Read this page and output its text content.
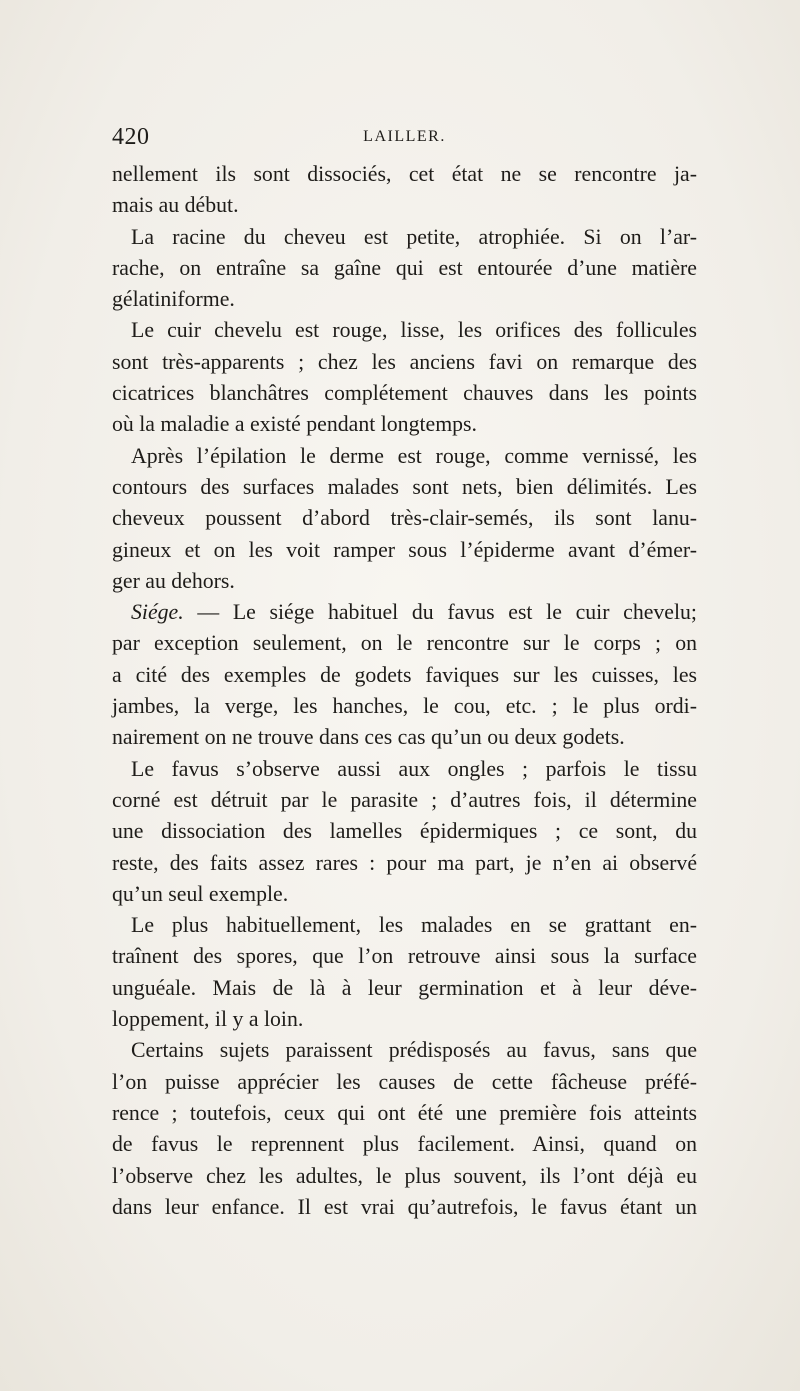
420	LAILLER.
nellement ils sont dissociés, cet état ne se rencontre ja-
mais au début.
La racine du cheveu est petite, atrophiée. Si on l’ar-
rache, on entraîne sa gaîne qui est entourée d’une matière
gélatiniforme.
Le cuir chevelu est rouge, lisse, les orifices des follicules
sont très-apparents ; chez les anciens favi on remarque des
cicatrices blanchâtres complétement chauves dans les points
où la maladie a existé pendant longtemps.
Après l’épilation le derme est rouge, comme vernissé, les
contours des surfaces malades sont nets, bien délimités. Les
cheveux poussent d’abord très-clair-semés, ils sont lanu-
gineux et on les voit ramper sous l’épiderme avant d’émer-
ger au dehors.
Siége. — Le siége habituel du favus est le cuir chevelu;
par exception seulement, on le rencontre sur le corps ; on
a cité des exemples de godets faviques sur les cuisses, les
jambes, la verge, les hanches, le cou, etc. ; le plus ordi-
nairement on ne trouve dans ces cas qu’un ou deux godets.
Le favus s’observe aussi aux ongles ; parfois le tissu
corné est détruit par le parasite ; d’autres fois, il détermine
une dissociation des lamelles épidermiques ; ce sont, du
reste, des faits assez rares : pour ma part, je n’en ai observé
qu’un seul exemple.
Le plus habituellement, les malades en se grattant en-
traînent des spores, que l’on retrouve ainsi sous la surface
unguéale. Mais de là à leur germination et à leur déve-
loppement, il y a loin.
Certains sujets paraissent prédisposés au favus, sans que
l’on puisse apprécier les causes de cette fâcheuse préfé-
rence ; toutefois, ceux qui ont été une première fois atteints
de favus le reprennent plus facilement. Ainsi, quand on
l’observe chez les adultes, le plus souvent, ils l’ont déjà eu
dans leur enfance. Il est vrai qu’autrefois, le favus étant un
